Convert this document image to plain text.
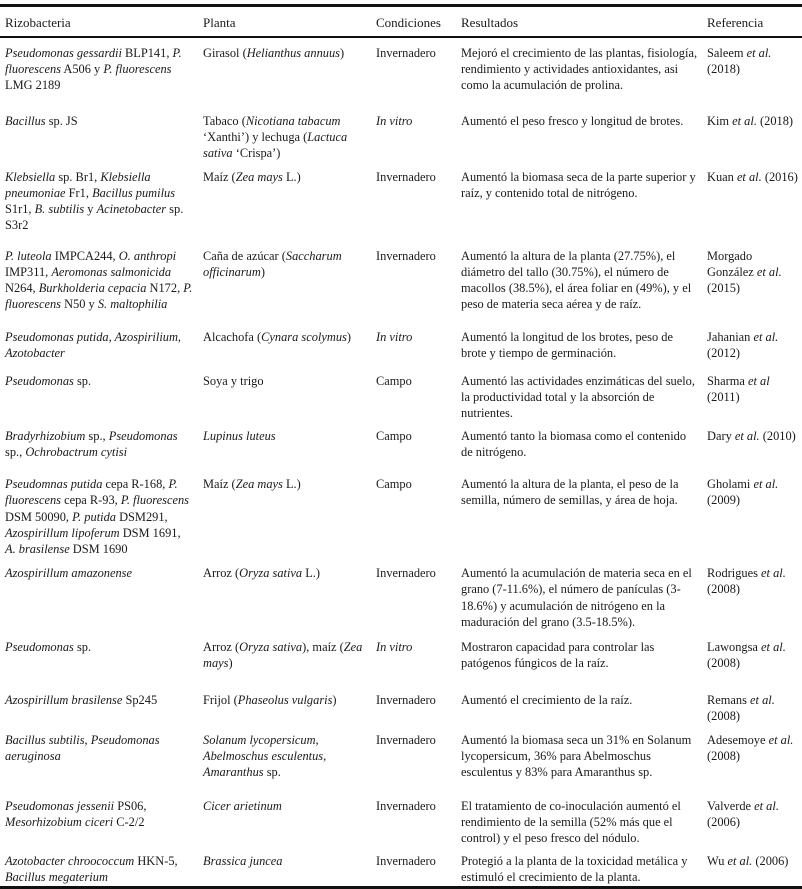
Rizobacteria	Planta	Condiciones	Resultados	Referencia
Pseudomonas gessardii BLP141, P. fluorescens A506 y P. fluorescens LMG 2189	Girasol (Helianthus annuus)	Invernadero	Mejoró el crecimiento de las plantas, fisiología, rendimiento y actividades antioxidantes, asi como la acumulación de prolina.	Saleem et al. (2018)
Bacillus sp. JS	Tabaco (Nicotiana tabacum ‘Xanthi’) y lechuga (Lactuca sativa ‘Crispa’)	In vitro	Aumentó el peso fresco y longitud de brotes.	Kim et al. (2018)
Klebsiella sp. Br1, Klebsiella pneumoniae Fr1, Bacillus pumilus S1r1, B. subtilis y Acinetobacter sp. S3r2	Maíz (Zea mays L.)	Invernadero	Aumentó la biomasa seca de la parte superior y raíz, y contenido total de nitrógeno.	Kuan et al. (2016)
P. luteola IMPCA244, O. anthropi IMP311, Aeromonas salmonicida N264, Burkholderia cepacia N172, P. fluorescens N50 y S. maltophilia	Caña de azúcar (Saccharum officinarum)	Invernadero	Aumentó la altura de la planta (27.75%), el diámetro del tallo (30.75%), el número de macollos (38.5%), el área foliar en (49%), y el peso de materia seca aérea y de raíz.	Morgado González et al. (2015)
Pseudomonas putida, Azospirilium, Azotobacter	Alcachofa (Cynara scolymus)	In vitro	Aumentó la longitud de los brotes, peso de brote y tiempo de germinación.	Jahanian et al. (2012)
Pseudomonas sp.	Soya y trigo	Campo	Aumentó las actividades enzimáticas del suelo, la productividad total y la absorción de nutrientes.	Sharma et al (2011)
Bradyrhizobium sp., Pseudomonas sp., Ochrobactrum cytisi	Lupinus luteus	Campo	Aumentó tanto la biomasa como el contenido de nitrógeno.	Dary et al. (2010)
Pseudomnas putida cepa R-168, P. fluorescens cepa R-93, P. fluorescens DSM 50090, P. putida DSM291, Azospirillum lipoferum DSM 1691, A. brasilense DSM 1690	Maíz (Zea mays L.)	Campo	Aumentó la altura de la planta, el peso de la semilla, número de semillas, y área de hoja.	Gholami et al. (2009)
Azospirillum amazonense	Arroz (Oryza sativa L.)	Invernadero	Aumentó la acumulación de materia seca en el grano (7-11.6%), el número de panículas (3-18.6%) y acumulación de nitrógeno en la maduración del grano (3.5-18.5%).	Rodrigues et al. (2008)
Pseudomonas sp.	Arroz (Oryza sativa), maíz (Zea mays)	In vitro	Mostraron capacidad para controlar las patógenos fúngicos de la raíz.	Lawongsa et al. (2008)
Azospirillum brasilense Sp245	Frijol (Phaseolus vulgaris)	Invernadero	Aumentó el crecimiento de la raíz.	Remans et al. (2008)
Bacillus subtilis, Pseudomonas aeruginosa	Solanum lycopersicum, Abelmoschus esculentus, Amaranthus sp.	Invernadero	Aumentó la biomasa seca un 31% en Solanum lycopersicum, 36% para Abelmoschus esculentus y 83% para Amaranthus sp.	Adesemoye et al. (2008)
Pseudomonas jessenii PS06, Mesorhizobium ciceri C-2/2	Cicer arietinum	Invernadero	El tratamiento de co-inoculación aumentó el rendimiento de la semilla (52% más que el control) y el peso fresco del nódulo.	Valverde et al. (2006)
Azotobacter chroococcum HKN-5, Bacillus megaterium	Brassica juncea	Invernadero	Protegió a la planta de la toxicidad metálica y estimuló el crecimiento de la planta.	Wu et al. (2006)
